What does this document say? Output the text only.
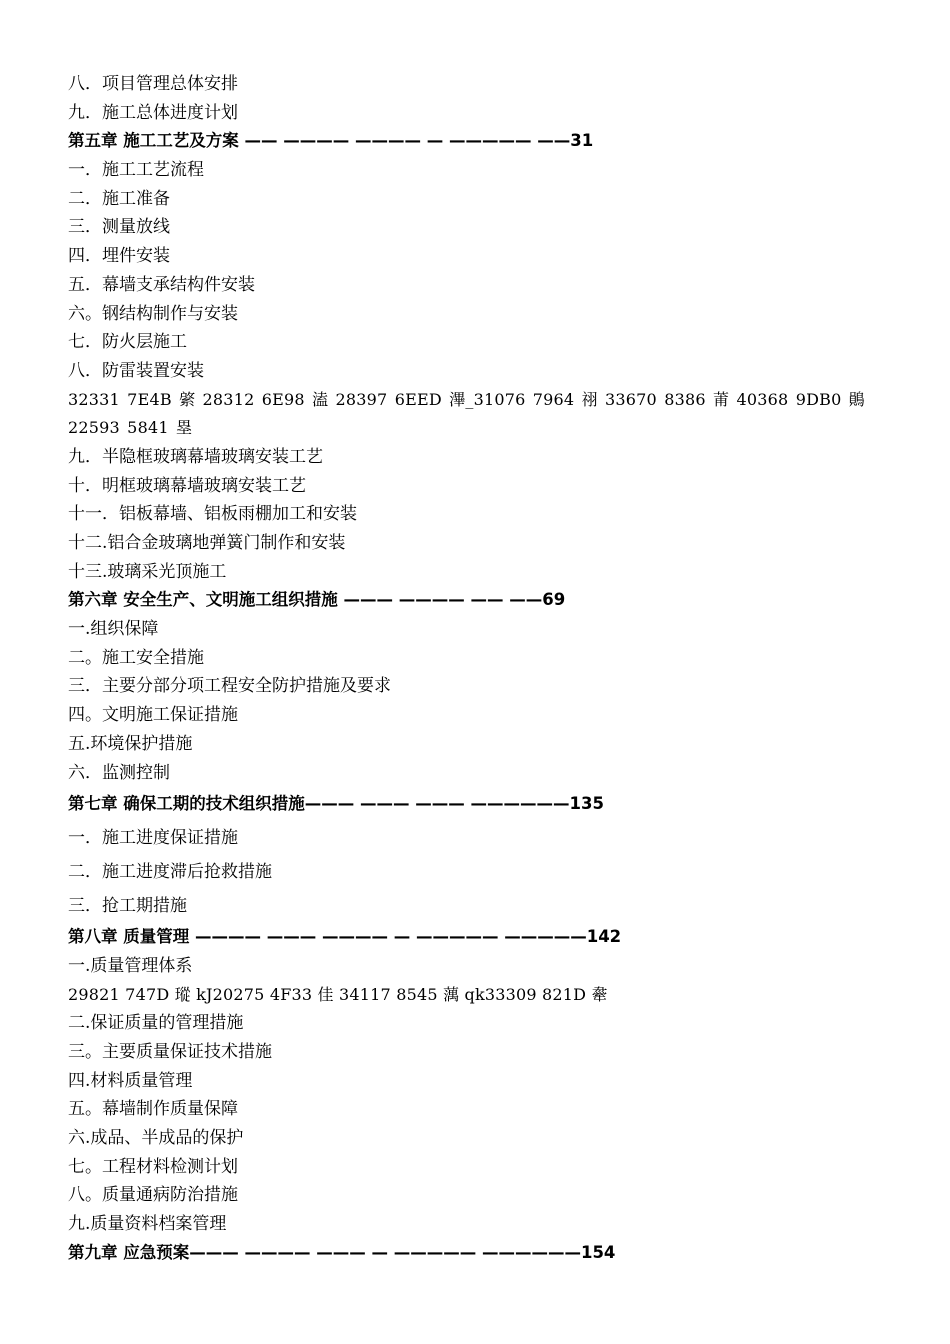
八．项目管理总体安排
九．施工总体进度计划
第五章 施工工艺及方案 —— ———— ———— — ————— ——31
一．施工工艺流程
二．施工准备
三．测量放线
四．埋件安装
五．幕墙支承结构件安装
六。钢结构制作与安装
七．防火层施工
八．防雷装置安装
32331 7E4B 綮 28312 6E98 溘 28397 6EED 滭_31076 7964 祤 33670 8386 莆 40368 9DB0 鶰 22593 5841 塁
九．半隐框玻璃幕墙玻璃安装工艺
十．明框玻璃幕墙玻璃安装工艺
十一．铝板幕墙、铝板雨棚加工和安装
十二.铝合金玻璃地弹簧门制作和安装
十三.玻璃采光顶施工
第六章 安全生产、文明施工组织措施 ——— ———— —— ——69
一.组织保障
二。施工安全措施
三．主要分部分项工程安全防护措施及要求
四。文明施工保证措施
五.环境保护措施
六．监测控制
第七章 确保工期的技术组织措施——— ——— ——— ——————135
一．施工进度保证措施
二．施工进度滞后抢救措施
三．抢工期措施
第八章 质量管理 ———— ——— ———— — ————— —————142
一.质量管理体系
29821 747D 瑽 kJ20275 4F33 佳 34117 8545 蕅 qk33309 821D 舝
二.保证质量的管理措施
三。主要质量保证技术措施
四.材料质量管理
五。幕墙制作质量保障
六.成品、半成品的保护
七。工程材料检测计划
八。质量通病防治措施
九.质量资料档案管理
第九章 应急预案——— ———— ——— — ————— ——————154
